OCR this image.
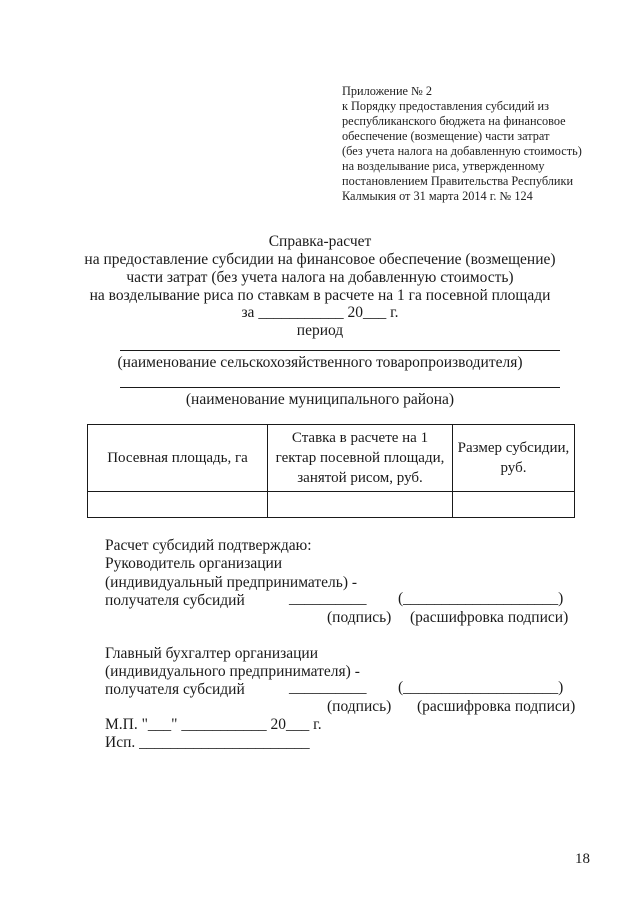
Приложение № 2
к Порядку предоставления субсидий из
республиканского бюджета на финансовое
обеспечение (возмещение) части затрат
(без учета налога на добавленную стоимость)
на возделывание риса, утвержденному
постановлением Правительства Республики
Калмыкия от 31 марта 2014 г. № 124
Справка-расчет
на предоставление субсидии на финансовое обеспечение (возмещение)
части затрат (без учета налога на добавленную стоимость)
на возделывание риса по ставкам в расчете на 1 га посевной площади
за ___________ 20___ г.
период
(наименование сельскохозяйственного товаропроизводителя)
(наименование муниципального района)
Посевная площадь, га	Ставка в расчете на 1 гектар посевной площади, занятой рисом, руб.	Размер субсидии, руб.

Расчет субсидий подтверждаю:
Руководитель организации
(индивидуальный предприниматель) -
получателя субсидий	__________ (____________________)
(подпись) (расшифровка подписи)
Главный бухгалтер организации
(индивидуального предпринимателя) -
получателя субсидий	__________ (____________________)
(подпись) (расшифровка подписи)
М.П. "___" ___________ 20___ г.
Исп. ______________________
18
